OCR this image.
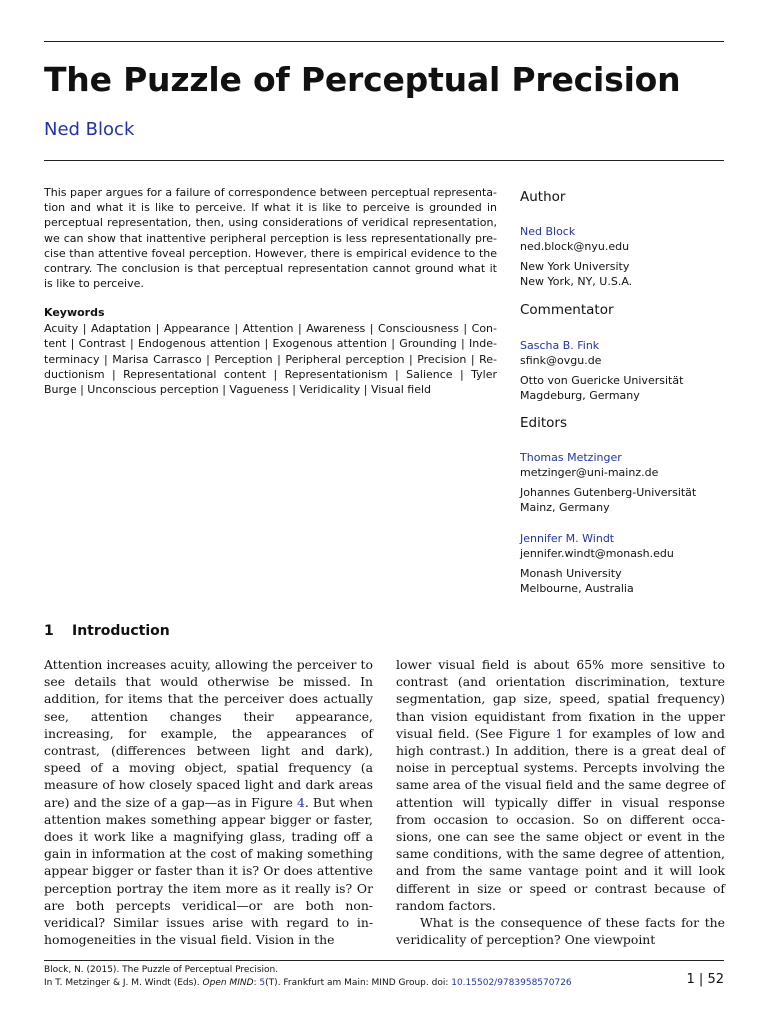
The Puzzle of Perceptual Precision
Ned Block
This paper argues for a failure of correspondence between perceptual representation and what it is like to perceive. If what it is like to perceive is grounded in perceptual representation, then, using considerations of veridical representation, we can show that inattentive peripheral perception is less representationally precise than attentive foveal perception. However, there is empirical evidence to the contrary. The conclusion is that perceptual representation cannot ground what it is like to perceive.
Keywords
Acuity | Adaptation | Appearance | Attention | Awareness | Consciousness | Content | Contrast | Endogenous attention | Exogenous attention | Grounding | Indeterminacy | Marisa Carrasco | Perception | Peripheral perception | Precision | Reductionism | Representational content | Representationism | Salience | Tyler Burge | Unconscious perception | Vagueness | Veridicality | Visual field
Author
Ned Block
ned.block@nyu.edu
New York University
New York, NY, U.S.A.
Commentator
Sascha B. Fink
sfink@ovgu.de
Otto von Guericke Universität
Magdeburg, Germany
Editors
Thomas Metzinger
metzinger@uni-mainz.de
Johannes Gutenberg-Universität
Mainz, Germany
Jennifer M. Windt
jennifer.windt@monash.edu
Monash University
Melbourne, Australia
1 Introduction

Attention increases acuity, allowing the perceiver to see details that would otherwise be missed. In addition, for items that the perceiver does actually see, attention changes their appearance, increasing, for example, the appearances of contrast, (differences between light and dark), speed of a moving object, spatial frequency (a measure of how closely spaced light and dark areas are) and the size of a gap—as in Figure 4. But when attention makes something appear bigger or faster, does it work like a magnifying glass, trading off a gain in information at the cost of making something appear bigger or faster than it is? Or does attentive perception portray the item more as it really is? Or are both percepts veridical—or are both non-veridical? Similar issues arise with regard to inhomogeneities in the visual field. Vision in the

lower visual field is about 65% more sensitive to contrast (and orientation discrimination, texture segmentation, gap size, speed, spatial frequency) than vision equidistant from fixation in the upper visual field. (See Figure 1 for examples of low and high contrast.) In addition, there is a great deal of noise in perceptual systems. Percepts involving the same area of the visual field and the same degree of attention will typically differ in visual response from occasion to occasion. So on different occasions, one can see the same object or event in the same conditions, with the same degree of attention, and from the same vantage point and it will look different in size or speed or contrast because of random factors.

What is the consequence of these facts for the veridicality of perception? One viewpoint

Block, N. (2015). The Puzzle of Perceptual Precision.
In T. Metzinger & J. M. Windt (Eds). Open MIND: 5(T). Frankfurt am Main: MIND Group. doi: 10.15502/9783958570726	1 | 52
